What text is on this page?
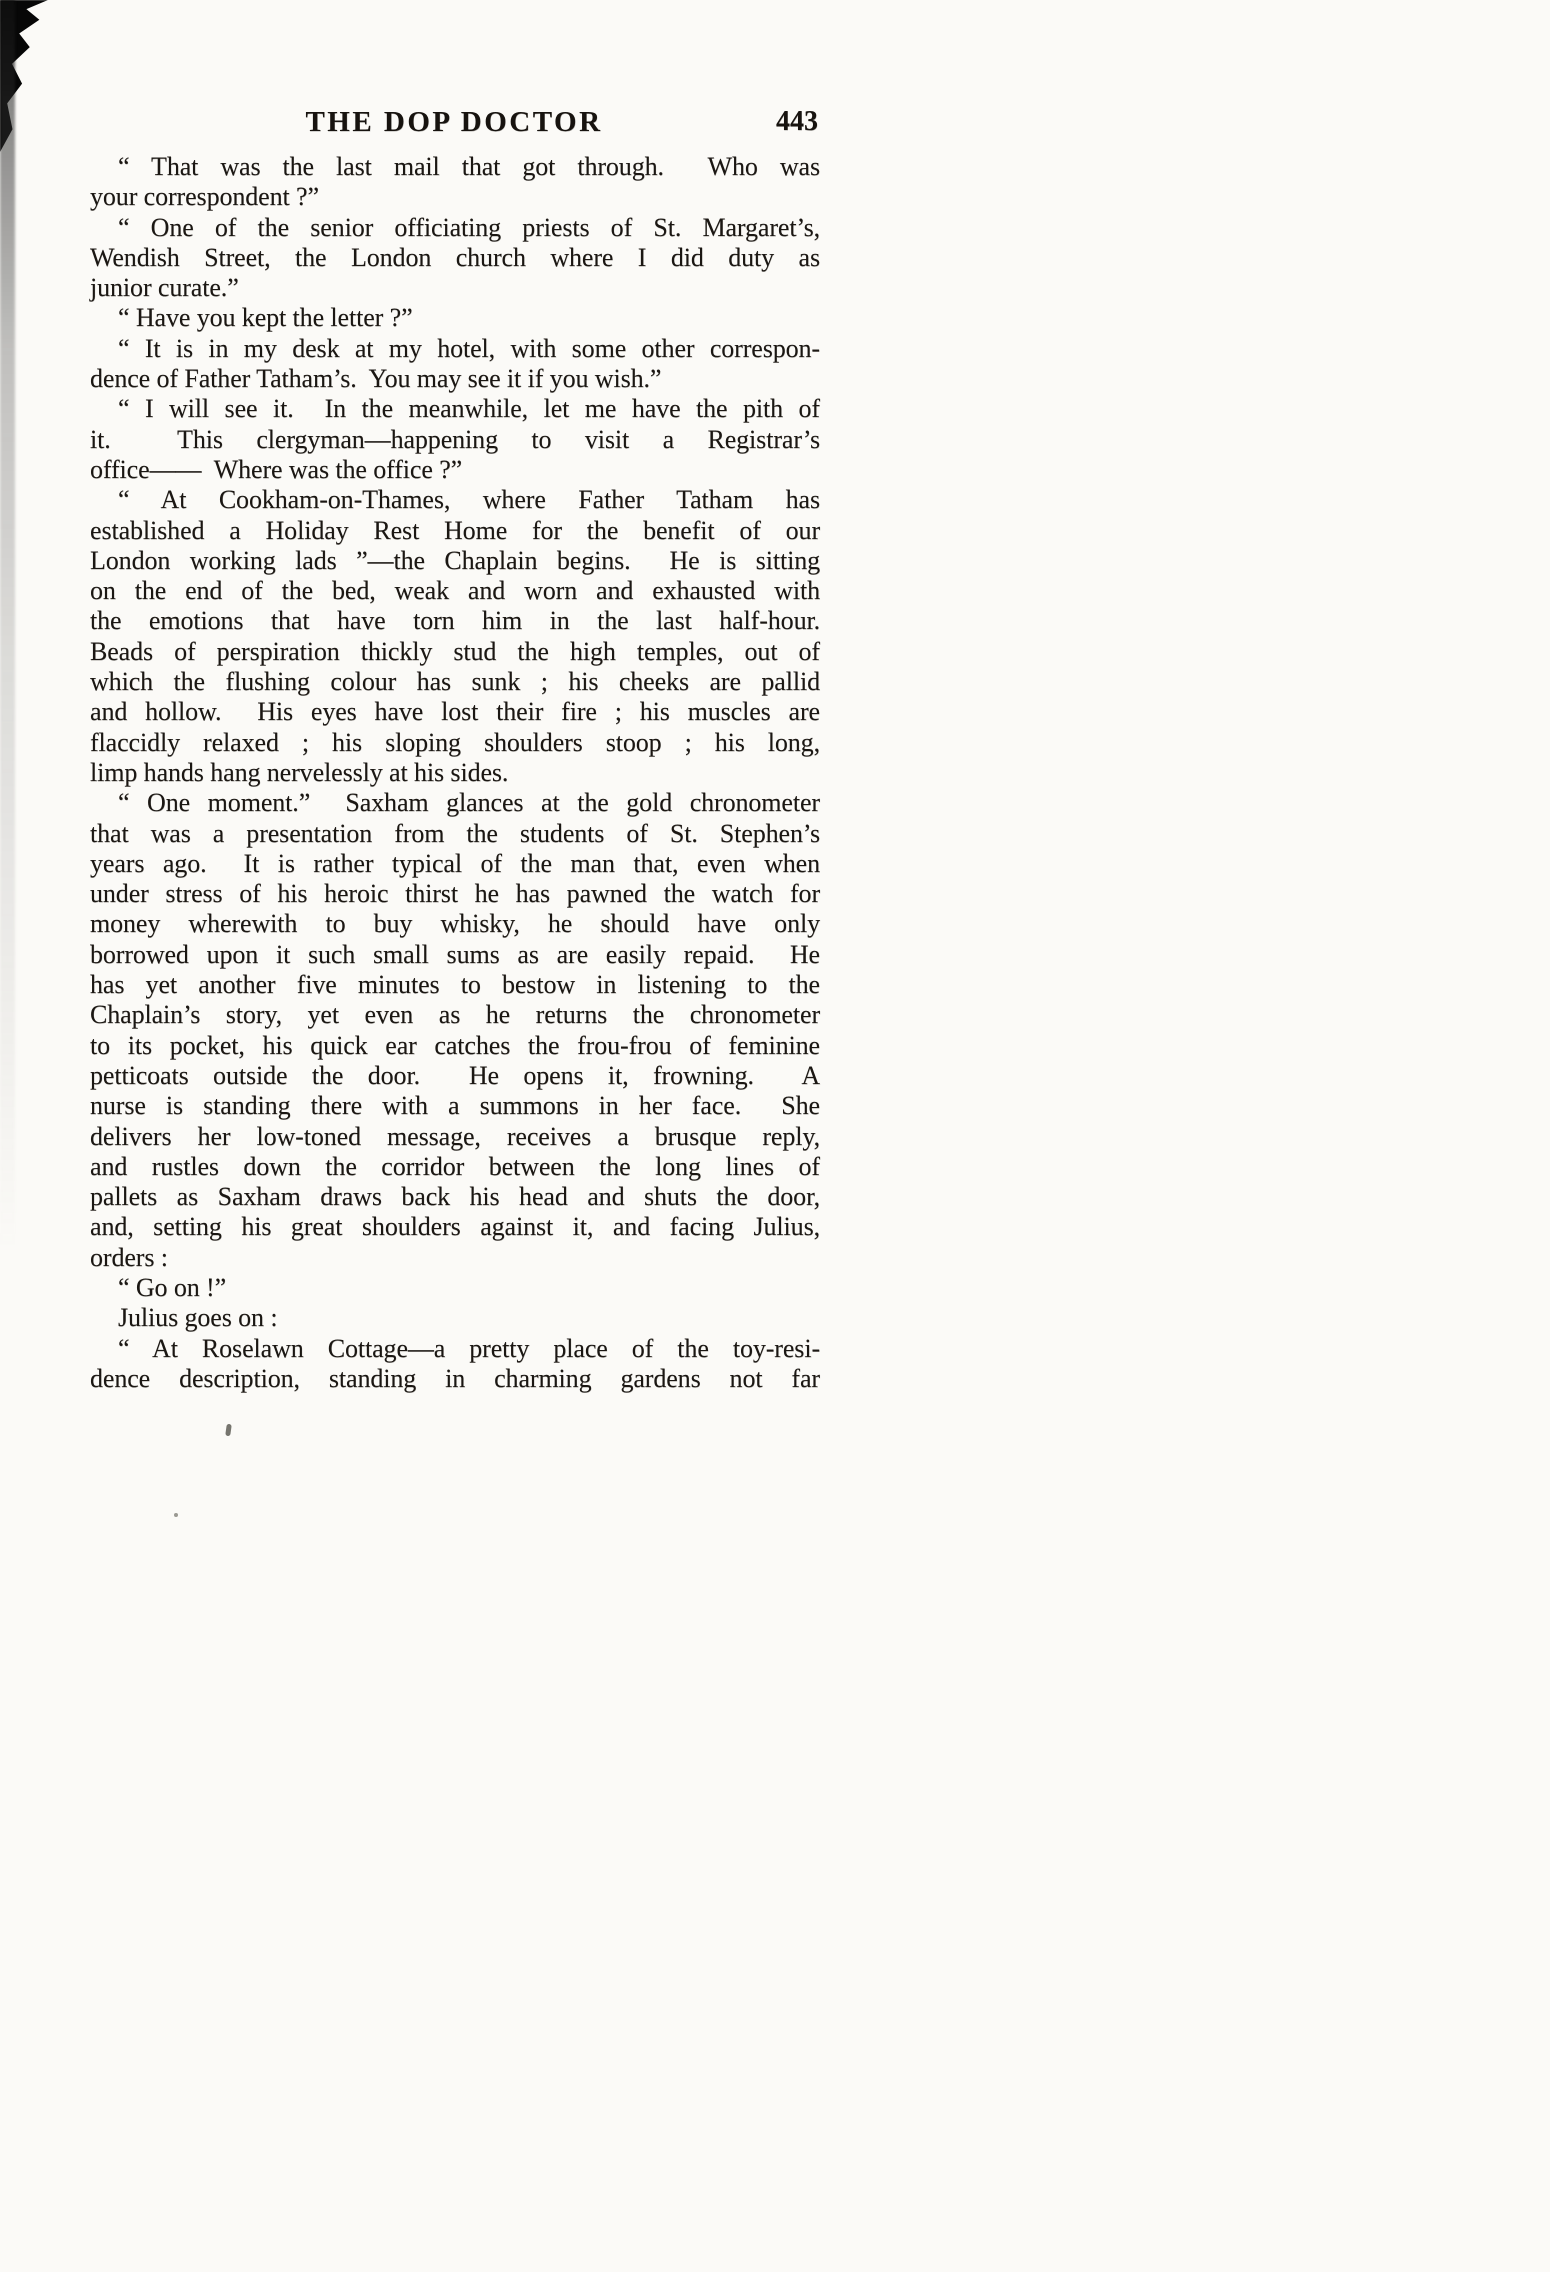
THE DOP DOCTOR	443
“ That was the last mail that got through.  Who was
your correspondent ?”
“ One of the senior officiating priests of St. Margaret’s,
Wendish Street, the London church where I did duty as
junior curate.”
“ Have you kept the letter ?”
“ It is in my desk at my hotel, with some other correspon-
dence of Father Tatham’s.  You may see it if you wish.”
“ I will see it.  In the meanwhile, let me have the pith of
it.  This clergyman—happening to visit a Registrar’s
office——  Where was the office ?”
“ At Cookham-on-Thames, where Father Tatham has
established a Holiday Rest Home for the benefit of our
London working lads ”—the Chaplain begins.  He is sitting
on the end of the bed, weak and worn and exhausted with
the emotions that have torn him in the last half-hour.
Beads of perspiration thickly stud the high temples, out of
which the flushing colour has sunk ; his cheeks are pallid
and hollow.  His eyes have lost their fire ; his muscles are
flaccidly relaxed ; his sloping shoulders stoop ; his long,
limp hands hang nervelessly at his sides.
“ One moment.”  Saxham glances at the gold chronometer
that was a presentation from the students of St. Stephen’s
years ago.  It is rather typical of the man that, even when
under stress of his heroic thirst he has pawned the watch for
money wherewith to buy whisky, he should have only
borrowed upon it such small sums as are easily repaid.  He
has yet another five minutes to bestow in listening to the
Chaplain’s story, yet even as he returns the chronometer
to its pocket, his quick ear catches the frou-frou of feminine
petticoats outside the door.  He opens it, frowning.  A
nurse is standing there with a summons in her face.  She
delivers her low-toned message, receives a brusque reply,
and rustles down the corridor between the long lines of
pallets as Saxham draws back his head and shuts the door,
and, setting his great shoulders against it, and facing Julius,
orders :
“ Go on !”
Julius goes on :
“ At Roselawn Cottage—a pretty place of the toy-resi-
dence description, standing in charming gardens not far
